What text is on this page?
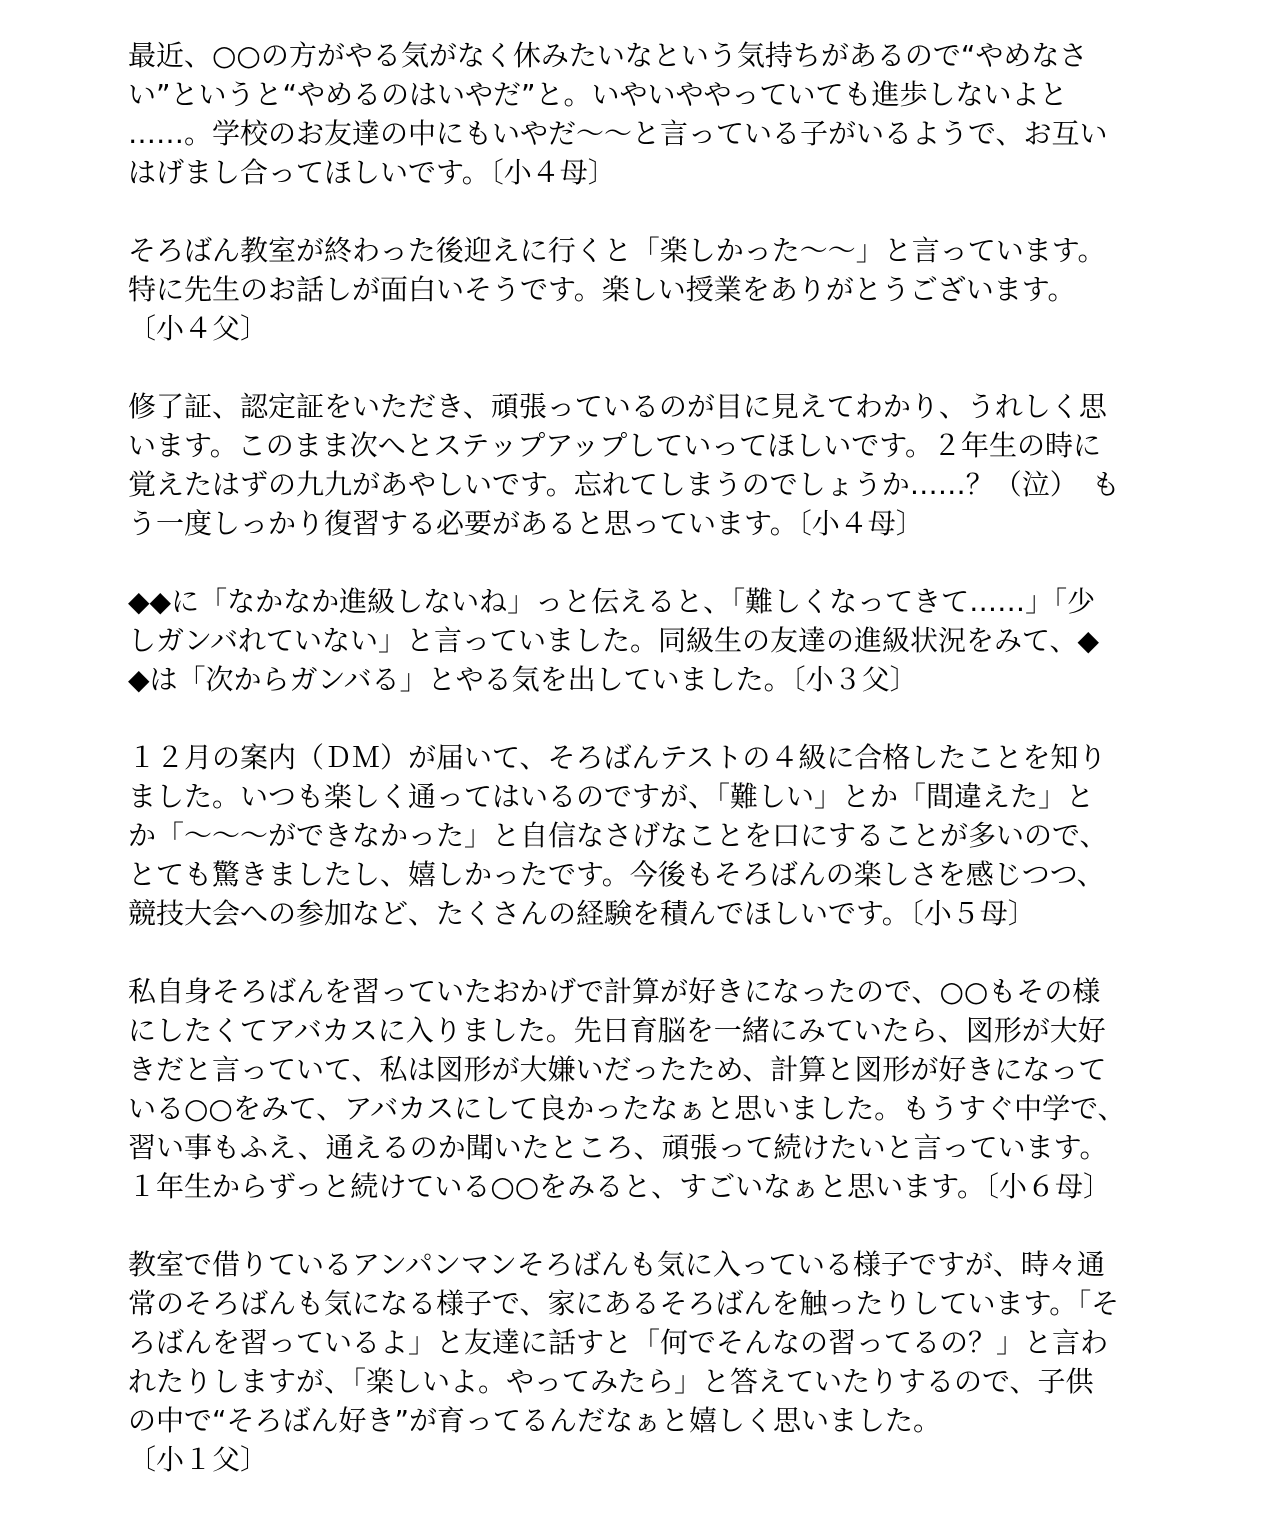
最近、○○の方がやる気がなく休みたいなという気持ちがあるので“やめなさ
い”というと“やめるのはいやだ”と。いやいややっていても進歩しないよと
……。学校のお友達の中にもいやだ～～と言っている子がいるようで、お互い
はげまし合ってほしいです。〔小４母〕
そろばん教室が終わった後迎えに行くと「楽しかった～～」と言っています。
特に先生のお話しが面白いそうです。楽しい授業をありがとうございます。
〔小４父〕
修了証、認定証をいただき、頑張っているのが目に見えてわかり、うれしく思
います。このまま次へとステップアップしていってほしいです。２年生の時に
覚えたはずの九九があやしいです。忘れてしまうのでしょうか……？（泣）　も
う一度しっかり復習する必要があると思っています。〔小４母〕
◆◆に「なかなか進級しないね」っと伝えると、「難しくなってきて……」「少
しガンバれていない」と言っていました。同級生の友達の進級状況をみて、◆
◆は「次からガンバる」とやる気を出していました。〔小３父〕
１２月の案内（ＤＭ）が届いて、そろばんテストの４級に合格したことを知り
ました。いつも楽しく通ってはいるのですが、「難しい」とか「間違えた」と
か「～～～ができなかった」と自信なさげなことを口にすることが多いので、
とても驚きましたし、嬉しかったです。今後もそろばんの楽しさを感じつつ、
競技大会への参加など、たくさんの経験を積んでほしいです。〔小５母〕
私自身そろばんを習っていたおかげで計算が好きになったので、○○もその様
にしたくてアバカスに入りました。先日育脳を一緒にみていたら、図形が大好
きだと言っていて、私は図形が大嫌いだったため、計算と図形が好きになって
いる○○をみて、アバカスにして良かったなぁと思いました。もうすぐ中学で、
習い事もふえ、通えるのか聞いたところ、頑張って続けたいと言っています。
１年生からずっと続けている○○をみると、すごいなぁと思います。〔小６母〕
教室で借りているアンパンマンそろばんも気に入っている様子ですが、時々通
常のそろばんも気になる様子で、家にあるそろばんを触ったりしています。「そ
ろばんを習っているよ」と友達に話すと「何でそんなの習ってるの？」と言わ
れたりしますが、「楽しいよ。やってみたら」と答えていたりするので、子供
の中で“そろばん好き”が育ってるんだなぁと嬉しく思いました。
〔小１父〕
